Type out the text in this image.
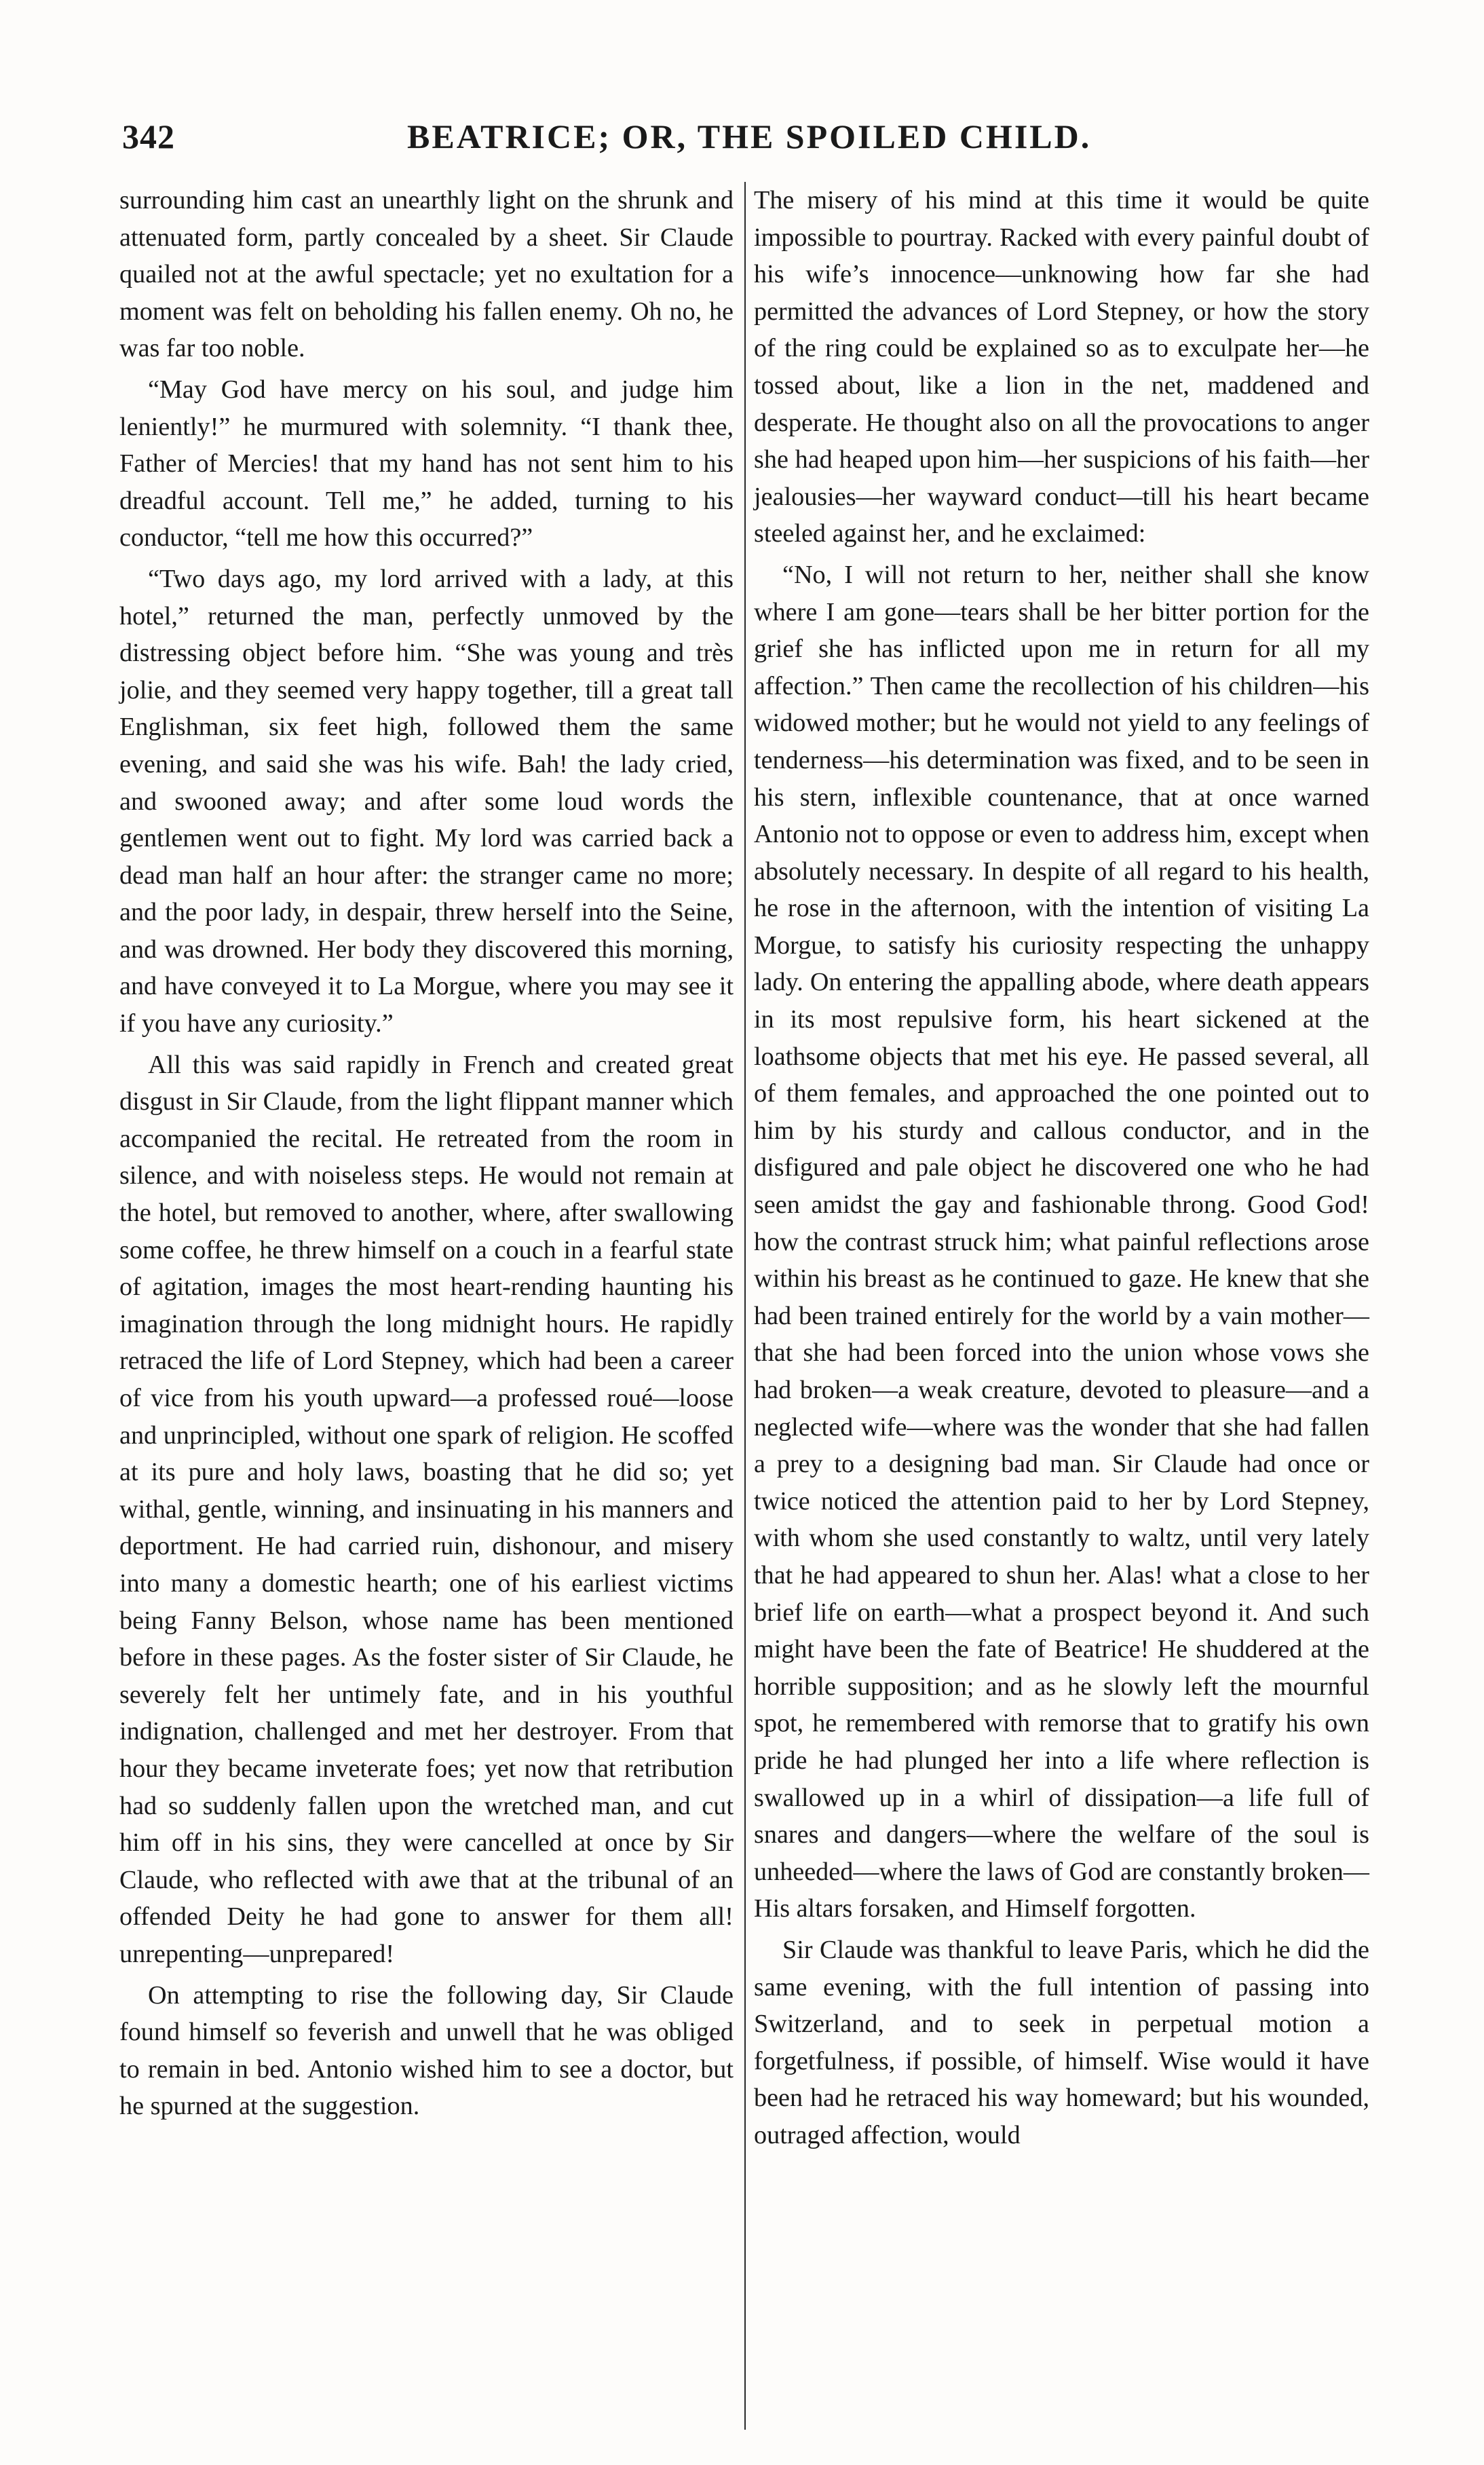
342	BEATRICE; OR, THE SPOILED CHILD.

surrounding him cast an unearthly light on the shrunk and attenuated form, partly concealed by a sheet. Sir Claude quailed not at the awful spectacle; yet no exultation for a moment was felt on beholding his fallen enemy. Oh no, he was far too noble.

“May God have mercy on his soul, and judge him leniently!” he murmured with solemnity. “I thank thee, Father of Mercies! that my hand has not sent him to his dreadful account. Tell me,” he added, turning to his conductor, “tell me how this occurred?”

“Two days ago, my lord arrived with a lady, at this hotel,” returned the man, perfectly unmoved by the distressing object before him. “She was young and très jolie, and they seemed very happy together, till a great tall Englishman, six feet high, followed them the same evening, and said she was his wife. Bah! the lady cried, and swooned away; and after some loud words the gentlemen went out to fight. My lord was carried back a dead man half an hour after: the stranger came no more; and the poor lady, in despair, threw herself into the Seine, and was drowned. Her body they discovered this morning, and have conveyed it to La Morgue, where you may see it if you have any curiosity.”

All this was said rapidly in French and created great disgust in Sir Claude, from the light flippant manner which accompanied the recital. He retreated from the room in silence, and with noiseless steps. He would not remain at the hotel, but removed to another, where, after swallowing some coffee, he threw himself on a couch in a fearful state of agitation, images the most heart-rending haunting his imagination through the long midnight hours. He rapidly retraced the life of Lord Stepney, which had been a career of vice from his youth upward—a professed roué—loose and unprincipled, without one spark of religion. He scoffed at its pure and holy laws, boasting that he did so; yet withal, gentle, winning, and insinuating in his manners and deportment. He had carried ruin, dishonour, and misery into many a domestic hearth; one of his earliest victims being Fanny Belson, whose name has been mentioned before in these pages. As the foster sister of Sir Claude, he severely felt her untimely fate, and in his youthful indignation, challenged and met her destroyer. From that hour they became inveterate foes; yet now that retribution had so suddenly fallen upon the wretched man, and cut him off in his sins, they were cancelled at once by Sir Claude, who reflected with awe that at the tribunal of an offended Deity he had gone to answer for them all! unrepenting—unprepared!

On attempting to rise the following day, Sir Claude found himself so feverish and unwell that he was obliged to remain in bed. Antonio wished him to see a doctor, but he spurned at the suggestion.

The misery of his mind at this time it would be quite impossible to pourtray. Racked with every painful doubt of his wife’s innocence—unknowing how far she had permitted the advances of Lord Stepney, or how the story of the ring could be explained so as to exculpate her—he tossed about, like a lion in the net, maddened and desperate. He thought also on all the provocations to anger she had heaped upon him—her suspicions of his faith—her jealousies—her wayward conduct—till his heart became steeled against her, and he exclaimed:

“No, I will not return to her, neither shall she know where I am gone—tears shall be her bitter portion for the grief she has inflicted upon me in return for all my affection.” Then came the recollection of his children—his widowed mother; but he would not yield to any feelings of tenderness—his determination was fixed, and to be seen in his stern, inflexible countenance, that at once warned Antonio not to oppose or even to address him, except when absolutely necessary. In despite of all regard to his health, he rose in the afternoon, with the intention of visiting La Morgue, to satisfy his curiosity respecting the unhappy lady. On entering the appalling abode, where death appears in its most repulsive form, his heart sickened at the loathsome objects that met his eye. He passed several, all of them females, and approached the one pointed out to him by his sturdy and callous conductor, and in the disfigured and pale object he discovered one who he had seen amidst the gay and fashionable throng. Good God! how the contrast struck him; what painful reflections arose within his breast as he continued to gaze. He knew that she had been trained entirely for the world by a vain mother—that she had been forced into the union whose vows she had broken—a weak creature, devoted to pleasure—and a neglected wife—where was the wonder that she had fallen a prey to a designing bad man. Sir Claude had once or twice noticed the attention paid to her by Lord Stepney, with whom she used constantly to waltz, until very lately that he had appeared to shun her. Alas! what a close to her brief life on earth—what a prospect beyond it. And such might have been the fate of Beatrice! He shuddered at the horrible supposition; and as he slowly left the mournful spot, he remembered with remorse that to gratify his own pride he had plunged her into a life where reflection is swallowed up in a whirl of dissipation—a life full of snares and dangers—where the welfare of the soul is unheeded—where the laws of God are constantly broken—His altars forsaken, and Himself forgotten.

Sir Claude was thankful to leave Paris, which he did the same evening, with the full intention of passing into Switzerland, and to seek in perpetual motion a forgetfulness, if possible, of himself. Wise would it have been had he retraced his way homeward; but his wounded, outraged affection, would
